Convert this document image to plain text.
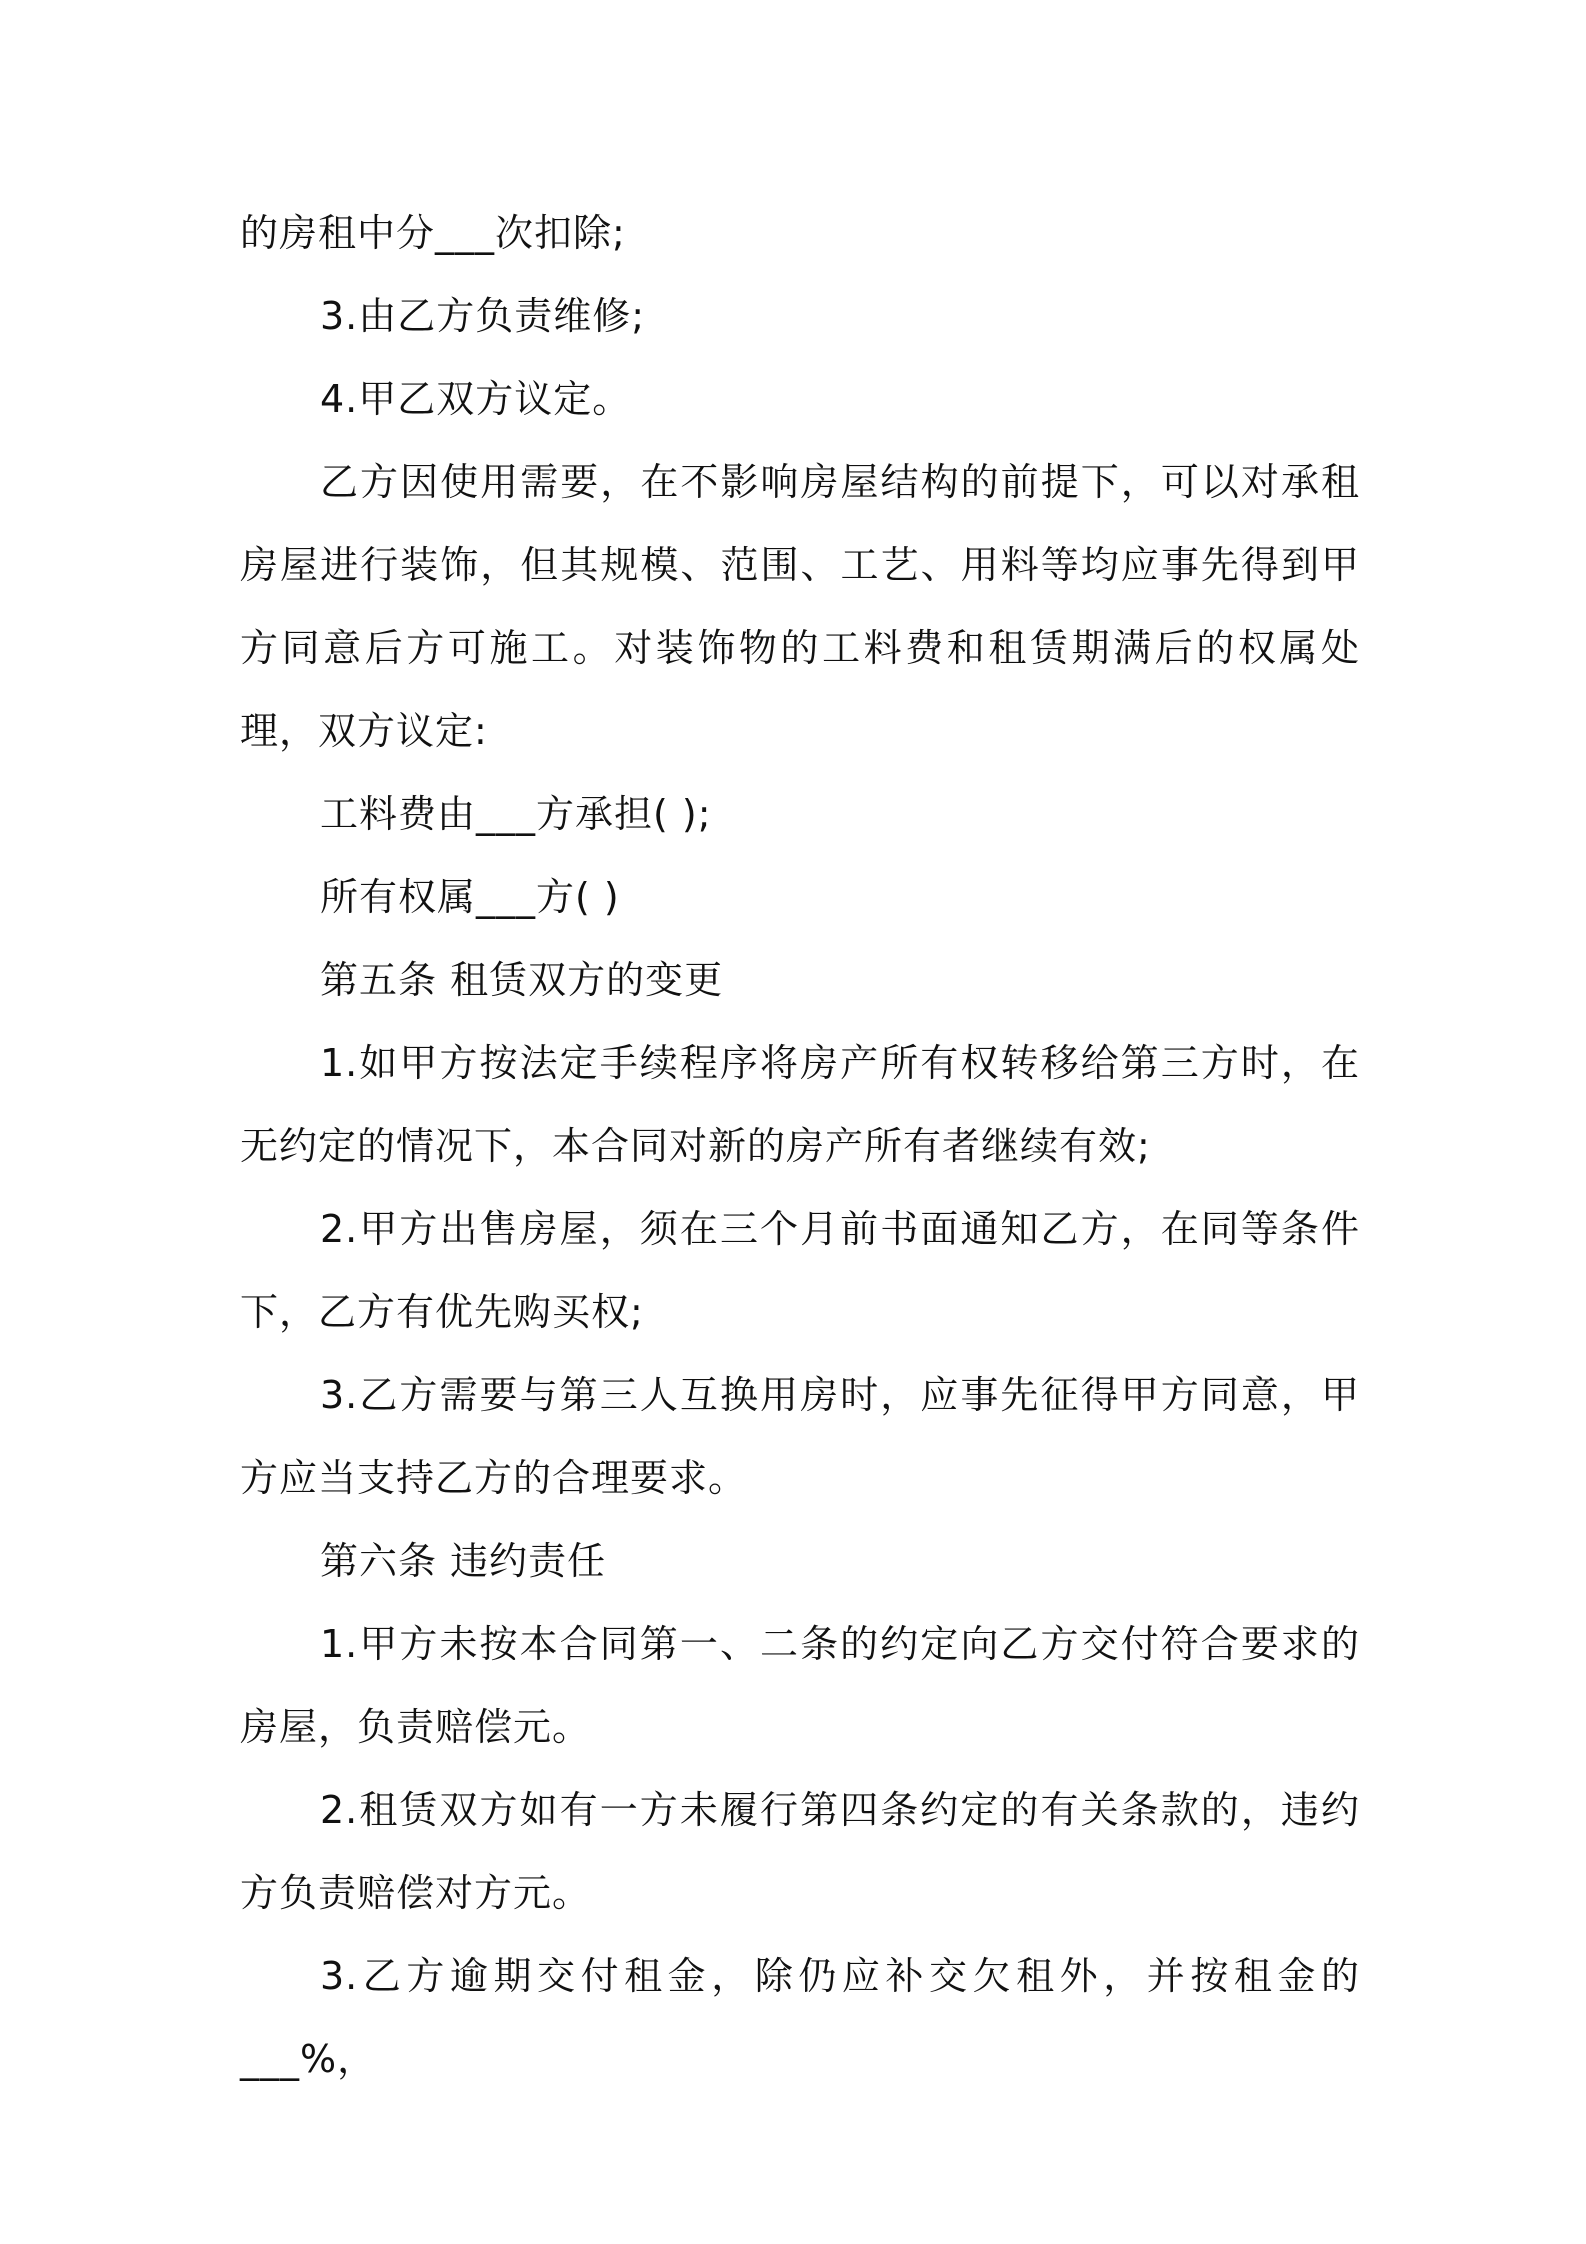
的房租中分___次扣除;

3.由乙方负责维修;

4.甲乙双方议定。

乙方因使用需要，在不影响房屋结构的前提下，可以对承租房屋进行装饰，但其规模、范围、工艺、用料等均应事先得到甲方同意后方可施工。对装饰物的工料费和租赁期满后的权属处理，双方议定:

工料费由___方承担( );

所有权属___方( )

第五条 租赁双方的变更

1.如甲方按法定手续程序将房产所有权转移给第三方时，在无约定的情况下，本合同对新的房产所有者继续有效;

2.甲方出售房屋，须在三个月前书面通知乙方，在同等条件下，乙方有优先购买权;

3.乙方需要与第三人互换用房时，应事先征得甲方同意，甲方应当支持乙方的合理要求。

第六条 违约责任

1.甲方未按本合同第一、二条的约定向乙方交付符合要求的房屋，负责赔偿元。

2.租赁双方如有一方未履行第四条约定的有关条款的，违约方负责赔偿对方元。

3.乙方逾期交付租金，除仍应补交欠租外，并按租金的___%，
